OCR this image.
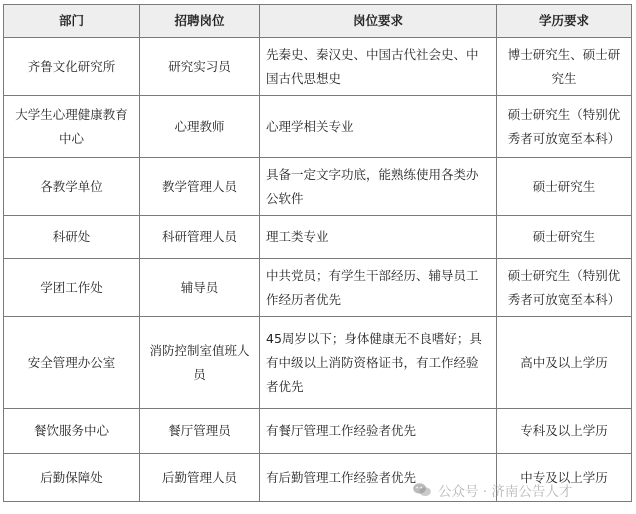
部门	招聘岗位	岗位要求	学历要求
齐鲁文化研究所	研究实习员	先秦史、秦汉史、中国古代社会史、中国古代思想史	博士研究生、硕士研究生
大学生心理健康教育中心	心理教师	心理学相关专业	硕士研究生（特别优秀者可放宽至本科）
各教学单位	教学管理人员	具备一定文字功底，能熟练使用各类办公软件	硕士研究生
科研处	科研管理人员	理工类专业	硕士研究生
学团工作处	辅导员	中共党员；有学生干部经历、辅导员工作经历者优先	硕士研究生（特别优秀者可放宽至本科）
安全管理办公室	消防控制室值班人员	45周岁以下；身体健康无不良嗜好；具有中级以上消防资格证书，有工作经验者优先	高中及以上学历
餐饮服务中心	餐厅管理员	有餐厅管理工作经验者优先	专科及以上学历
后勤保障处	后勤管理人员	有后勤管理工作经验者优先	中专及以上学历
公众号 · 济南公告人才
